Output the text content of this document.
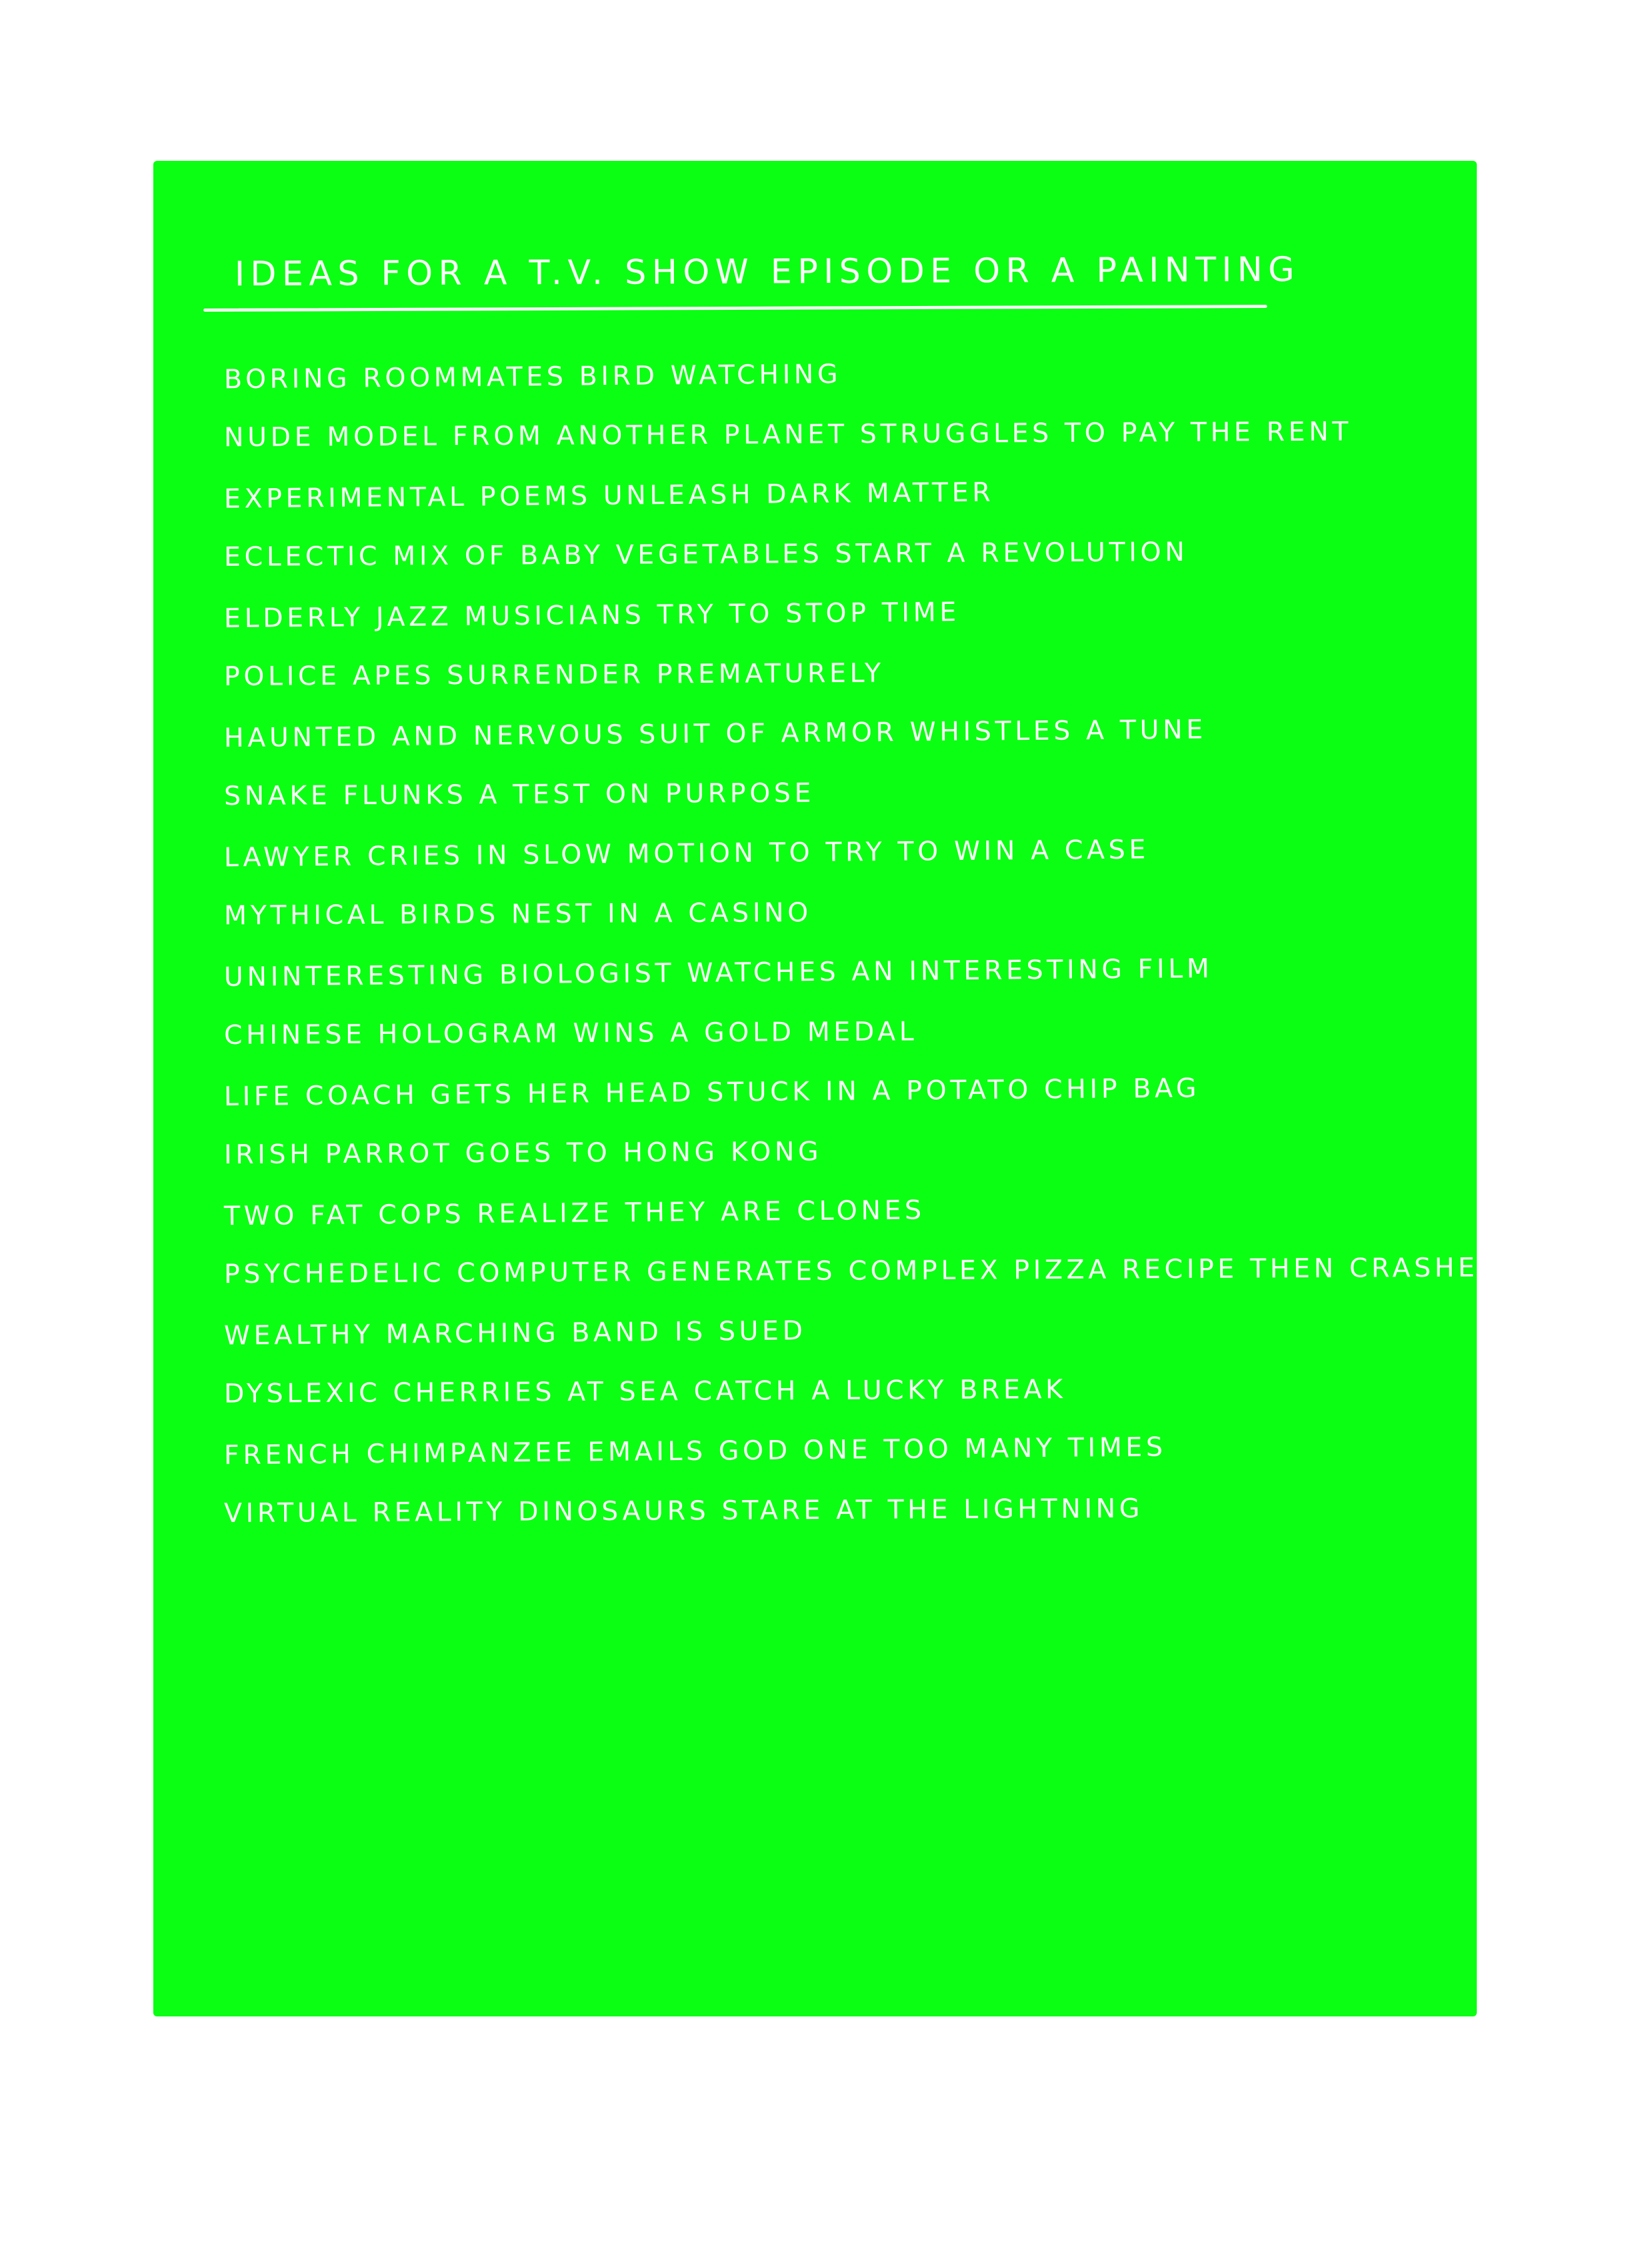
IDEAS FOR A T.V. SHOW EPISODE OR A PAINTING
BORING ROOMMATES BIRD WATCHING
NUDE MODEL FROM ANOTHER PLANET STRUGGLES TO PAY THE RENT
EXPERIMENTAL POEMS UNLEASH DARK MATTER
ECLECTIC MIX OF BABY VEGETABLES START A REVOLUTION
ELDERLY JAZZ MUSICIANS TRY TO STOP TIME
POLICE APES SURRENDER PREMATURELY
HAUNTED AND NERVOUS SUIT OF ARMOR WHISTLES A TUNE
SNAKE FLUNKS A TEST ON PURPOSE
LAWYER CRIES IN SLOW MOTION TO TRY TO WIN A CASE
MYTHICAL BIRDS NEST IN A CASINO
UNINTERESTING BIOLOGIST WATCHES AN INTERESTING FILM
CHINESE HOLOGRAM WINS A GOLD MEDAL
LIFE COACH GETS HER HEAD STUCK IN A POTATO CHIP BAG
IRISH PARROT GOES TO HONG KONG
TWO FAT COPS REALIZE THEY ARE CLONES
PSYCHEDELIC COMPUTER GENERATES COMPLEX PIZZA RECIPE THEN CRASHES
WEALTHY MARCHING BAND IS SUED
DYSLEXIC CHERRIES AT SEA CATCH A LUCKY BREAK
FRENCH CHIMPANZEE EMAILS GOD ONE TOO MANY TIMES
VIRTUAL REALITY DINOSAURS STARE AT THE LIGHTNING
